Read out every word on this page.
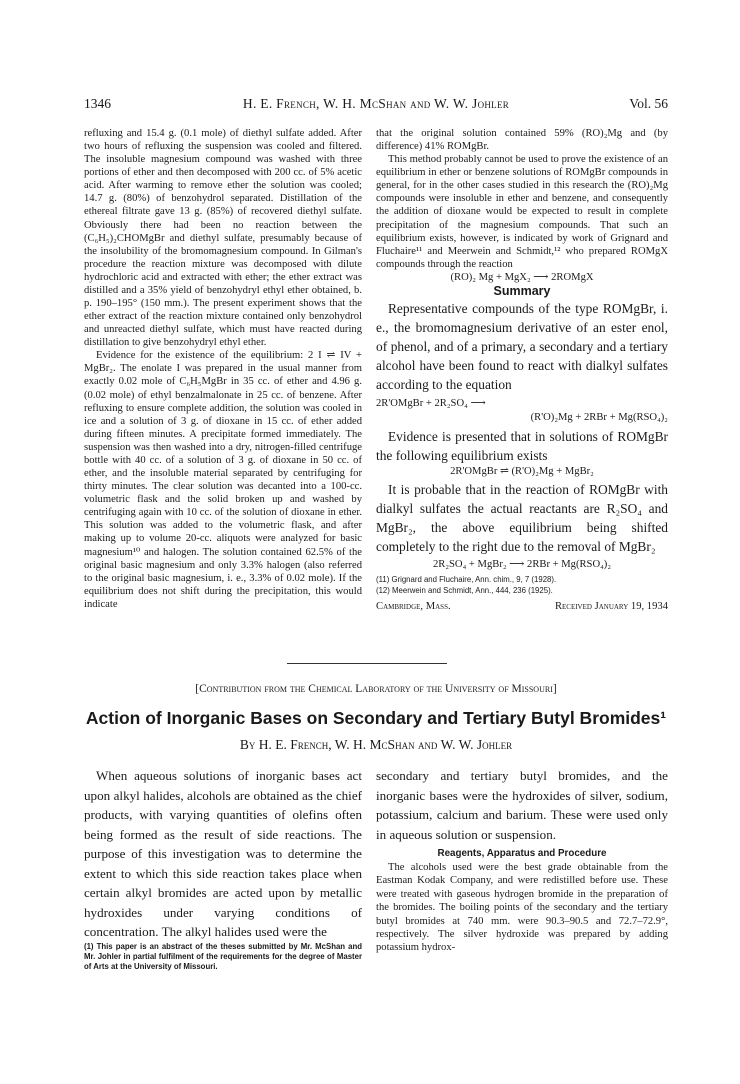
1346	H. E. French, W. H. McShan and W. W. Johler	Vol. 56

refluxing and 15.4 g. (0.1 mole) of diethyl sulfate added. After two hours of refluxing the suspension was cooled and filtered. The insoluble magnesium compound was washed with three portions of ether and then decomposed with 200 cc. of 5% acetic acid. After warming to remove ether the solution was cooled; 14.7 g. (80%) of benzohydrol separated. Distillation of the ethereal filtrate gave 13 g. (85%) of recovered diethyl sulfate. Obviously there had been no reaction between the (C₆H₅)₂CHOMgBr and diethyl sulfate, presumably because of the insolubility of the bromomagnesium compound. In Gilman's procedure the reaction mixture was decomposed with dilute hydrochloric acid and extracted with ether; the ether extract was distilled and a 35% yield of benzohydryl ethyl ether obtained, b. p. 190–195° (150 mm.). The present experiment shows that the ether extract of the reaction mixture contained only benzohydrol and unreacted diethyl sulfate, which must have reacted during distillation to give benzohydryl ethyl ether.

Evidence for the existence of the equilibrium: 2 I ⇌ IV + MgBr₂. The enolate I was prepared in the usual manner from exactly 0.02 mole of C₆H₅MgBr in 35 cc. of ether and 4.96 g. (0.02 mole) of ethyl benzalmalonate in 25 cc. of benzene. After refluxing to ensure complete addition, the solution was cooled in ice and a solution of 3 g. of dioxane in 15 cc. of ether added during fifteen minutes. A precipitate formed immediately. The suspension was then washed into a dry, nitrogen-filled centrifuge bottle with 40 cc. of a solution of 3 g. of dioxane in 50 cc. of ether, and the insoluble material separated by centrifuging for thirty minutes. The clear solution was decanted into a 100-cc. volumetric flask and the solid broken up and washed by centrifuging again with 10 cc. of the solution of dioxane in ether. This solution was added to the volumetric flask, and after making up to volume 20-cc. aliquots were analyzed for basic magnesium¹⁰ and halogen. The solution contained 62.5% of the original basic magnesium and only 3.3% halogen (also referred to the original basic magnesium, i. e., 3.3% of 0.02 mole). If the equilibrium does not shift during the precipitation, this would indicate

that the original solution contained 59% (RO)₂Mg and (by difference) 41% ROMgBr.

This method probably cannot be used to prove the existence of an equilibrium in ether or benzene solutions of ROMgBr compounds in general, for in the other cases studied in this research the (RO)₂Mg compounds were insoluble in ether and benzene, and consequently the addition of dioxane would be expected to result in complete precipitation of the magnesium compounds. That such an equilibrium exists, however, is indicated by work of Grignard and Fluchaire¹¹ and Meerwein and Schmidt,¹² who prepared ROMgX compounds through the reaction

(RO)₂ Mg + MgX₂ ⟶ 2ROMgX

Summary

Representative compounds of the type ROMgBr, i. e., the bromomagnesium derivative of an ester enol, of phenol, and of a primary, a secondary and a tertiary alcohol have been found to react with dialkyl sulfates according to the equation

2R'OMgBr + 2R₂SO₄ ⟶

(R'O)₂Mg + 2RBr + Mg(RSO₄)₂

Evidence is presented that in solutions of ROMgBr the following equilibrium exists

2R'OMgBr ⇌ (R'O)₂Mg + MgBr₂

It is probable that in the reaction of ROMgBr with dialkyl sulfates the actual reactants are R₂SO₄ and MgBr₂, the above equilibrium being shifted completely to the right due to the removal of MgBr₂

2R₂SO₄ + MgBr₂ ⟶ 2RBr + Mg(RSO₄)₂

(11) Grignard and Fluchaire, Ann. chim., 9, 7 (1928).

(12) Meerwein and Schmidt, Ann., 444, 236 (1925).

Cambridge, Mass.	Received January 19, 1934
[Contribution from the Chemical Laboratory of the University of Missouri]
Action of Inorganic Bases on Secondary and Tertiary Butyl Bromides¹
By H. E. French, W. H. McShan and W. W. Johler

When aqueous solutions of inorganic bases act upon alkyl halides, alcohols are obtained as the chief products, with varying quantities of olefins often being formed as the result of side reactions. The purpose of this investigation was to determine the extent to which this side reaction takes place when certain alkyl bromides are acted upon by metallic hydroxides under varying conditions of concentration. The alkyl halides used were the

(1) This paper is an abstract of the theses submitted by Mr. McShan and Mr. Johler in partial fulfilment of the requirements for the degree of Master of Arts at the University of Missouri.

secondary and tertiary butyl bromides, and the inorganic bases were the hydroxides of silver, sodium, potassium, calcium and barium. These were used only in aqueous solution or suspension.

Reagents, Apparatus and Procedure

The alcohols used were the best grade obtainable from the Eastman Kodak Company, and were redistilled before use. These were treated with gaseous hydrogen bromide in the preparation of the bromides. The boiling points of the secondary and the tertiary butyl bromides at 740 mm. were 90.3–90.5 and 72.7–72.9°, respectively. The silver hydroxide was prepared by adding potassium hydrox-
